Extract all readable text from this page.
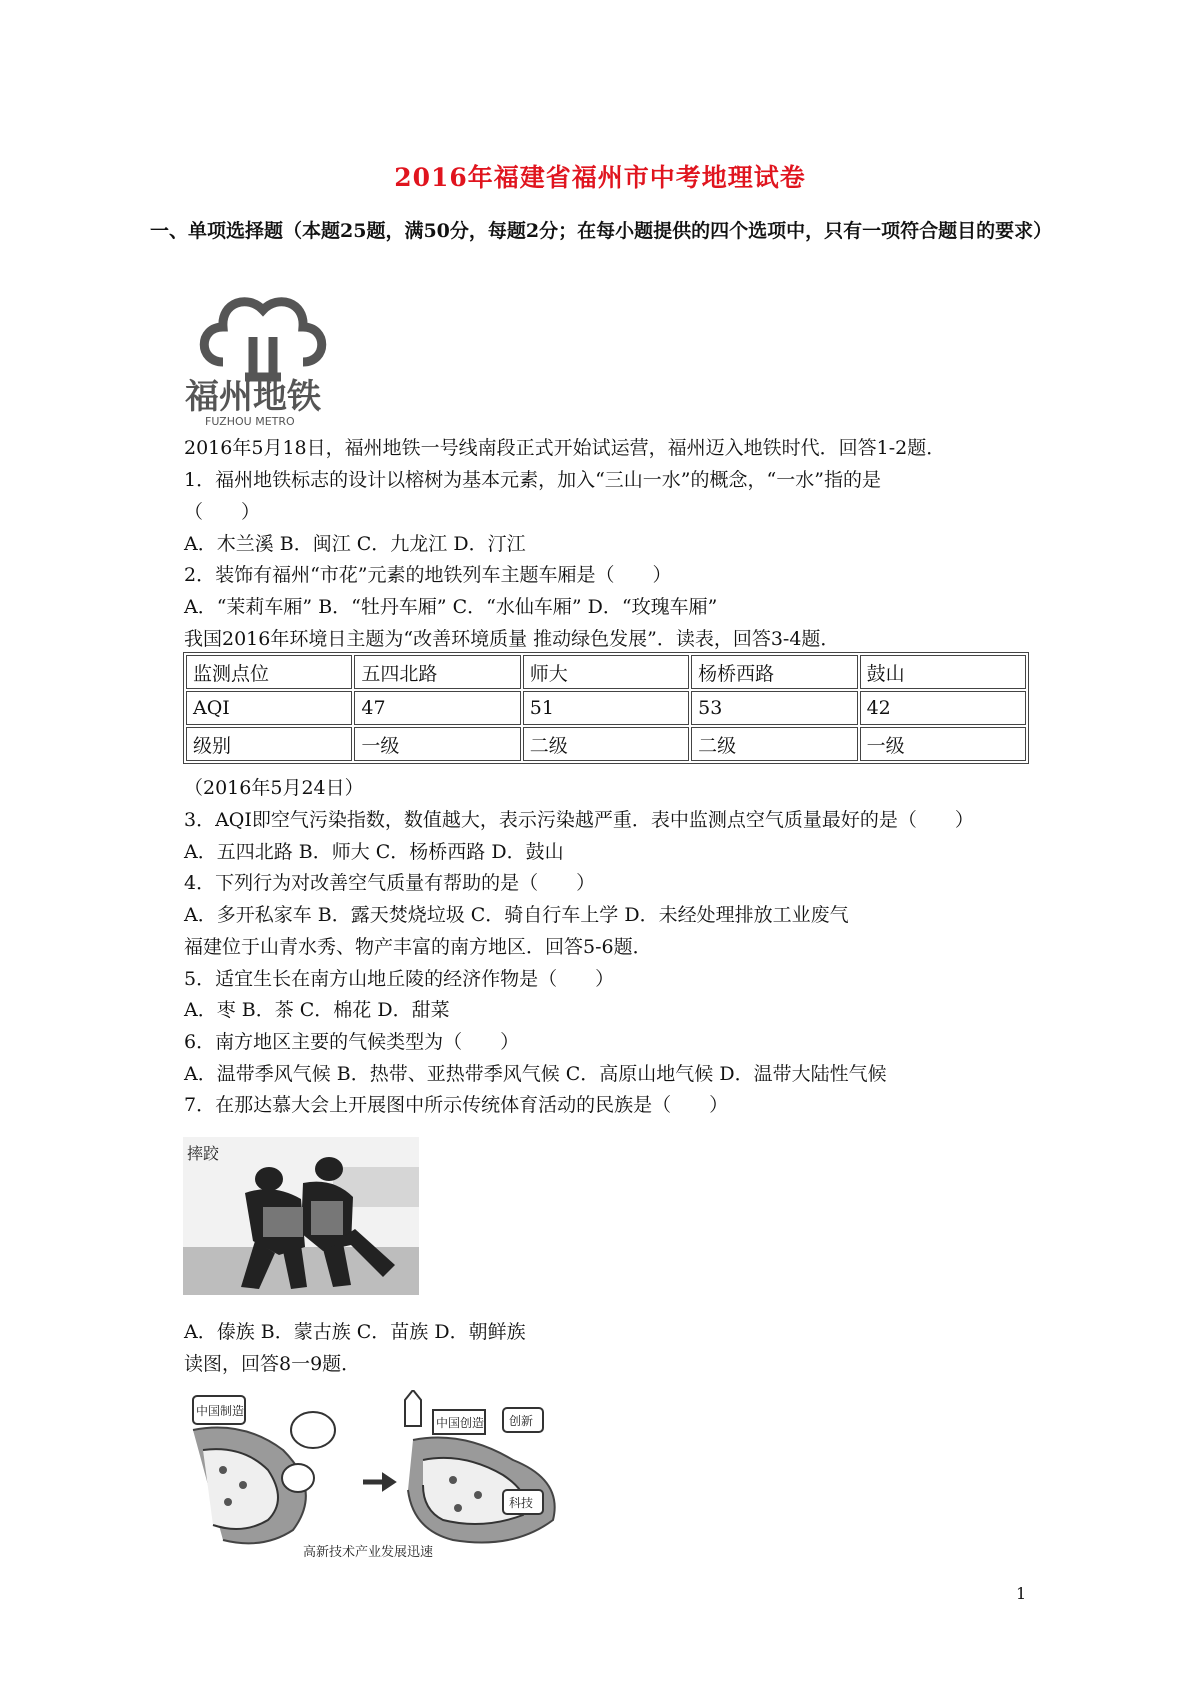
2016年福建省福州市中考地理试卷
一、单项选择题（本题25题，满50分，每题2分；在每小题提供的四个选项中，只有一项符合题目的要求）
福州地铁
FUZHOU METRO
2016年5月18日，福州地铁一号线南段正式开始试运营，福州迈入地铁时代．回答1-2题．
1．福州地铁标志的设计以榕树为基本元素，加入“三山一水”的概念，“一水”指的是
（　　）
A．木兰溪 B．闽江 C．九龙江 D．汀江
2．装饰有福州“市花”元素的地铁列车主题车厢是（　　）
A．“茉莉车厢” B．“牡丹车厢” C．“水仙车厢” D．“玫瑰车厢”
我国2016年环境日主题为“改善环境质量 推动绿色发展”．读表，回答3-4题．
监测点位	五四北路	师大	杨桥西路	鼓山
AQI	47	51	53	42
级别	一级	二级	二级	一级
（2016年5月24日）
3．AQI即空气污染指数，数值越大，表示污染越严重．表中监测点空气质量最好的是（　　）
A．五四北路 B．师大 C．杨桥西路 D．鼓山
4．下列行为对改善空气质量有帮助的是（　　）
A．多开私家车 B．露天焚烧垃圾 C．骑自行车上学 D．未经处理排放工业废气
福建位于山青水秀、物产丰富的南方地区．回答5-6题．
5．适宜生长在南方山地丘陵的经济作物是（　　）
A．枣 B．茶 C．棉花 D．甜菜
6．南方地区主要的气候类型为（　　）
A．温带季风气候 B．热带、亚热带季风气候 C．高原山地气候 D．温带大陆性气候
7．在那达慕大会上开展图中所示传统体育活动的民族是（　　）
摔跤
A．傣族 B．蒙古族 C．苗族 D．朝鲜族
读图，回答8一9题．
中国制造
中国创造 创新
科技
高新技术产业发展迅速
1
